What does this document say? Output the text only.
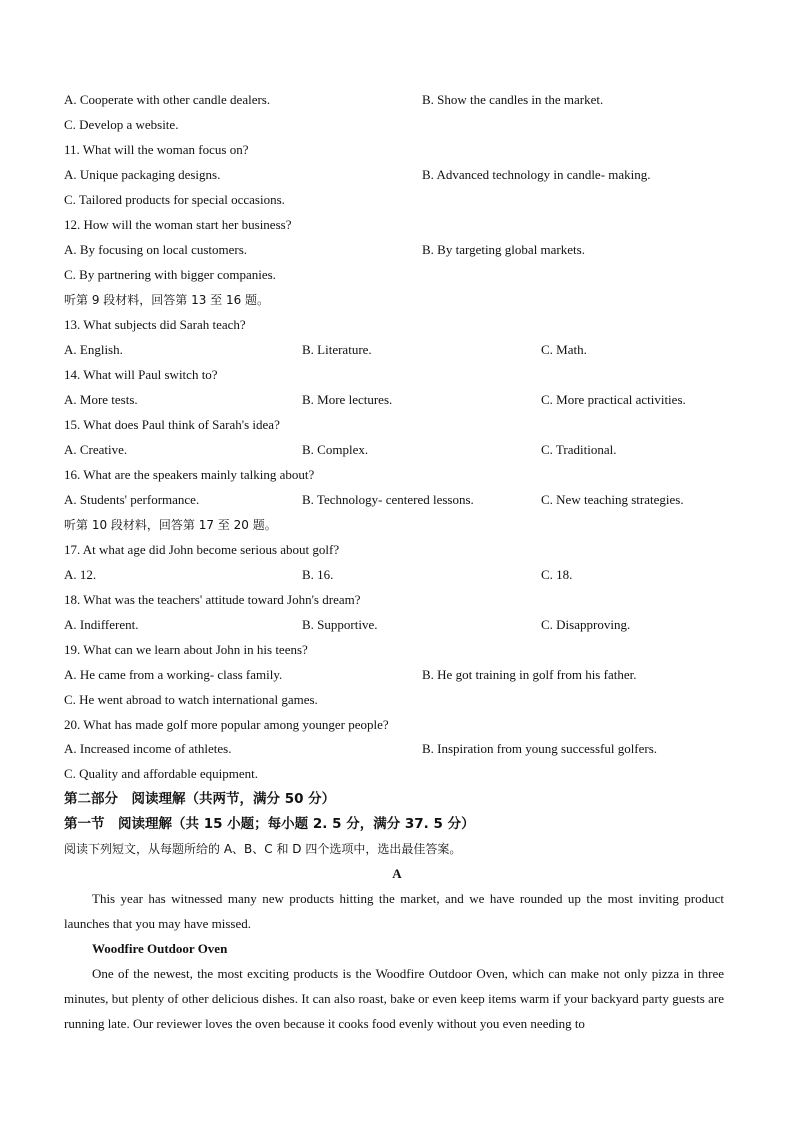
A. Cooperate with other candle dealers.	B. Show the candles in the market.
C. Develop a website.
11. What will the woman focus on?
A. Unique packaging designs.	B. Advanced technology in candle- making.
C. Tailored products for special occasions.
12. How will the woman start her business?
A. By focusing on local customers.	B. By targeting global markets.
C. By partnering with bigger companies.
听第 9 段材料，回答第 13 至 16 题。
13. What subjects did Sarah teach?
A. English.	B. Literature.	C. Math.
14. What will Paul switch to?
A. More tests.	B. More lectures.	C. More practical activities.
15. What does Paul think of Sarah's idea?
A. Creative.	B. Complex.	C. Traditional.
16. What are the speakers mainly talking about?
A. Students' performance.	B. Technology- centered lessons.	C. New teaching strategies.
听第 10 段材料，回答第 17 至 20 题。
17. At what age did John become serious about golf?
A. 12.	B. 16.	C. 18.
18. What was the teachers' attitude toward John's dream?
A. Indifferent.	B. Supportive.	C. Disapproving.
19. What can we learn about John in his teens?
A. He came from a working- class family.	B. He got training in golf from his father.
C. He went abroad to watch international games.
20. What has made golf more popular among younger people?
A. Increased income of athletes.	B. Inspiration from young successful golfers.
C. Quality and affordable equipment.
第二部分　阅读理解（共两节，满分 50 分）
第一节　阅读理解（共 15 小题；每小题 2. 5 分，满分 37. 5 分）
阅读下列短文，从每题所给的 A、B、C 和 D 四个选项中，选出最佳答案。
A
This year has witnessed many new products hitting the market, and we have rounded up the most inviting product launches that you may have missed.
Woodfire Outdoor Oven
One of the newest, the most exciting products is the Woodfire Outdoor Oven, which can make not only pizza in three minutes, but plenty of other delicious dishes. It can also roast, bake or even keep items warm if your backyard party guests are running late. Our reviewer loves the oven because it cooks food evenly without you even needing to
